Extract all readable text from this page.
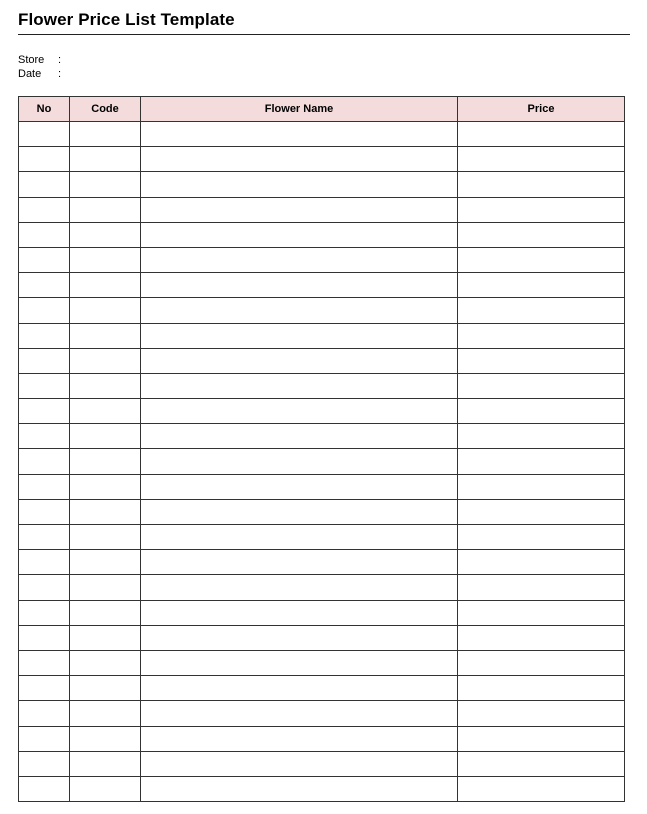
Flower Price List Template
Store :
Date :
No	Code	Flower Name	Price
